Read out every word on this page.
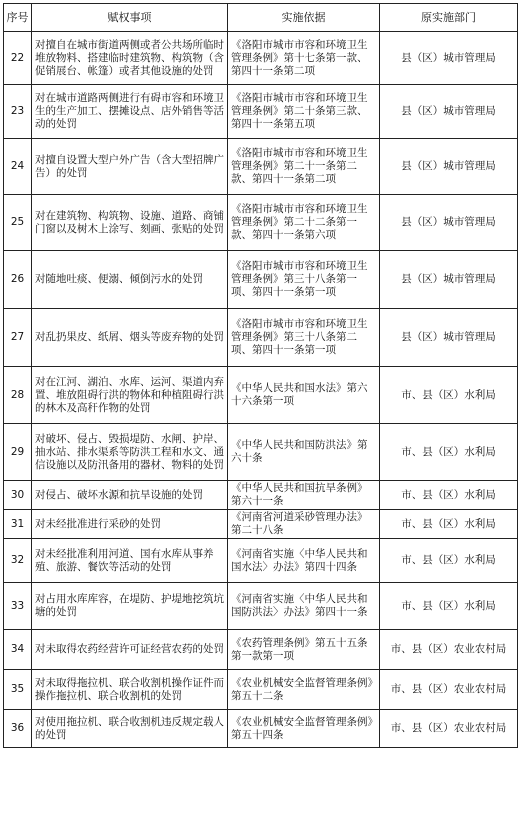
序号	赋权事项	实施依据	原实施部门
22	对擅自在城市街道两侧或者公共场所临时堆放物料、搭建临时建筑物、构筑物（含促销展台、帐篷）或者其他设施的处罚	《洛阳市城市市容和环境卫生管理条例》第十七条第一款、第四十一条第二项	县（区）城市管理局
23	对在城市道路两侧进行有碍市容和环境卫生的生产加工、摆摊设点、店外销售等活动的处罚	《洛阳市城市市容和环境卫生管理条例》第二十条第三款、第四十一条第五项	县（区）城市管理局
24	对擅自设置大型户外广告（含大型招牌广告）的处罚	《洛阳市城市市容和环境卫生管理条例》第二十一条第二款、第四十一条第二项	县（区）城市管理局
25	对在建筑物、构筑物、设施、道路、商铺门窗以及树木上涂写、刻画、张贴的处罚	《洛阳市城市市容和环境卫生管理条例》第二十二条第一款、第四十一条第六项	县（区）城市管理局
26	对随地吐痰、便溺、倾倒污水的处罚	《洛阳市城市市容和环境卫生管理条例》第三十八条第一项、第四十一条第一项	县（区）城市管理局
27	对乱扔果皮、纸屑、烟头等废弃物的处罚	《洛阳市城市市容和环境卫生管理条例》第三十八条第二项、第四十一条第一项	县（区）城市管理局
28	对在江河、湖泊、水库、运河、渠道内弃置、堆放阻碍行洪的物体和种植阻碍行洪的林木及高秆作物的处罚	《中华人民共和国水法》第六十六条第一项	市、县（区）水利局
29	对破坏、侵占、毁损堤防、水闸、护岸、抽水站、排水渠系等防洪工程和水文、通信设施以及防汛备用的器材、物料的处罚	《中华人民共和国防洪法》第六十条	市、县（区）水利局
30	对侵占、破坏水源和抗旱设施的处罚	《中华人民共和国抗旱条例》第六十一条	市、县（区）水利局
31	对未经批准进行采砂的处罚	《河南省河道采砂管理办法》第二十八条	市、县（区）水利局
32	对未经批准利用河道、国有水库从事养殖、旅游、餐饮等活动的处罚	《河南省实施〈中华人民共和国水法〉办法》第四十四条	市、县（区）水利局
33	对占用水库库容，在堤防、护堤地挖筑坑塘的处罚	《河南省实施〈中华人民共和国防洪法〉办法》第四十一条	市、县（区）水利局
34	对未取得农药经营许可证经营农药的处罚	《农药管理条例》第五十五条第一款第一项	市、县（区）农业农村局
35	对未取得拖拉机、联合收割机操作证件而操作拖拉机、联合收割机的处罚	《农业机械安全监督管理条例》第五十二条	市、县（区）农业农村局
36	对使用拖拉机、联合收割机违反规定载人的处罚	《农业机械安全监督管理条例》第五十四条	市、县（区）农业农村局
